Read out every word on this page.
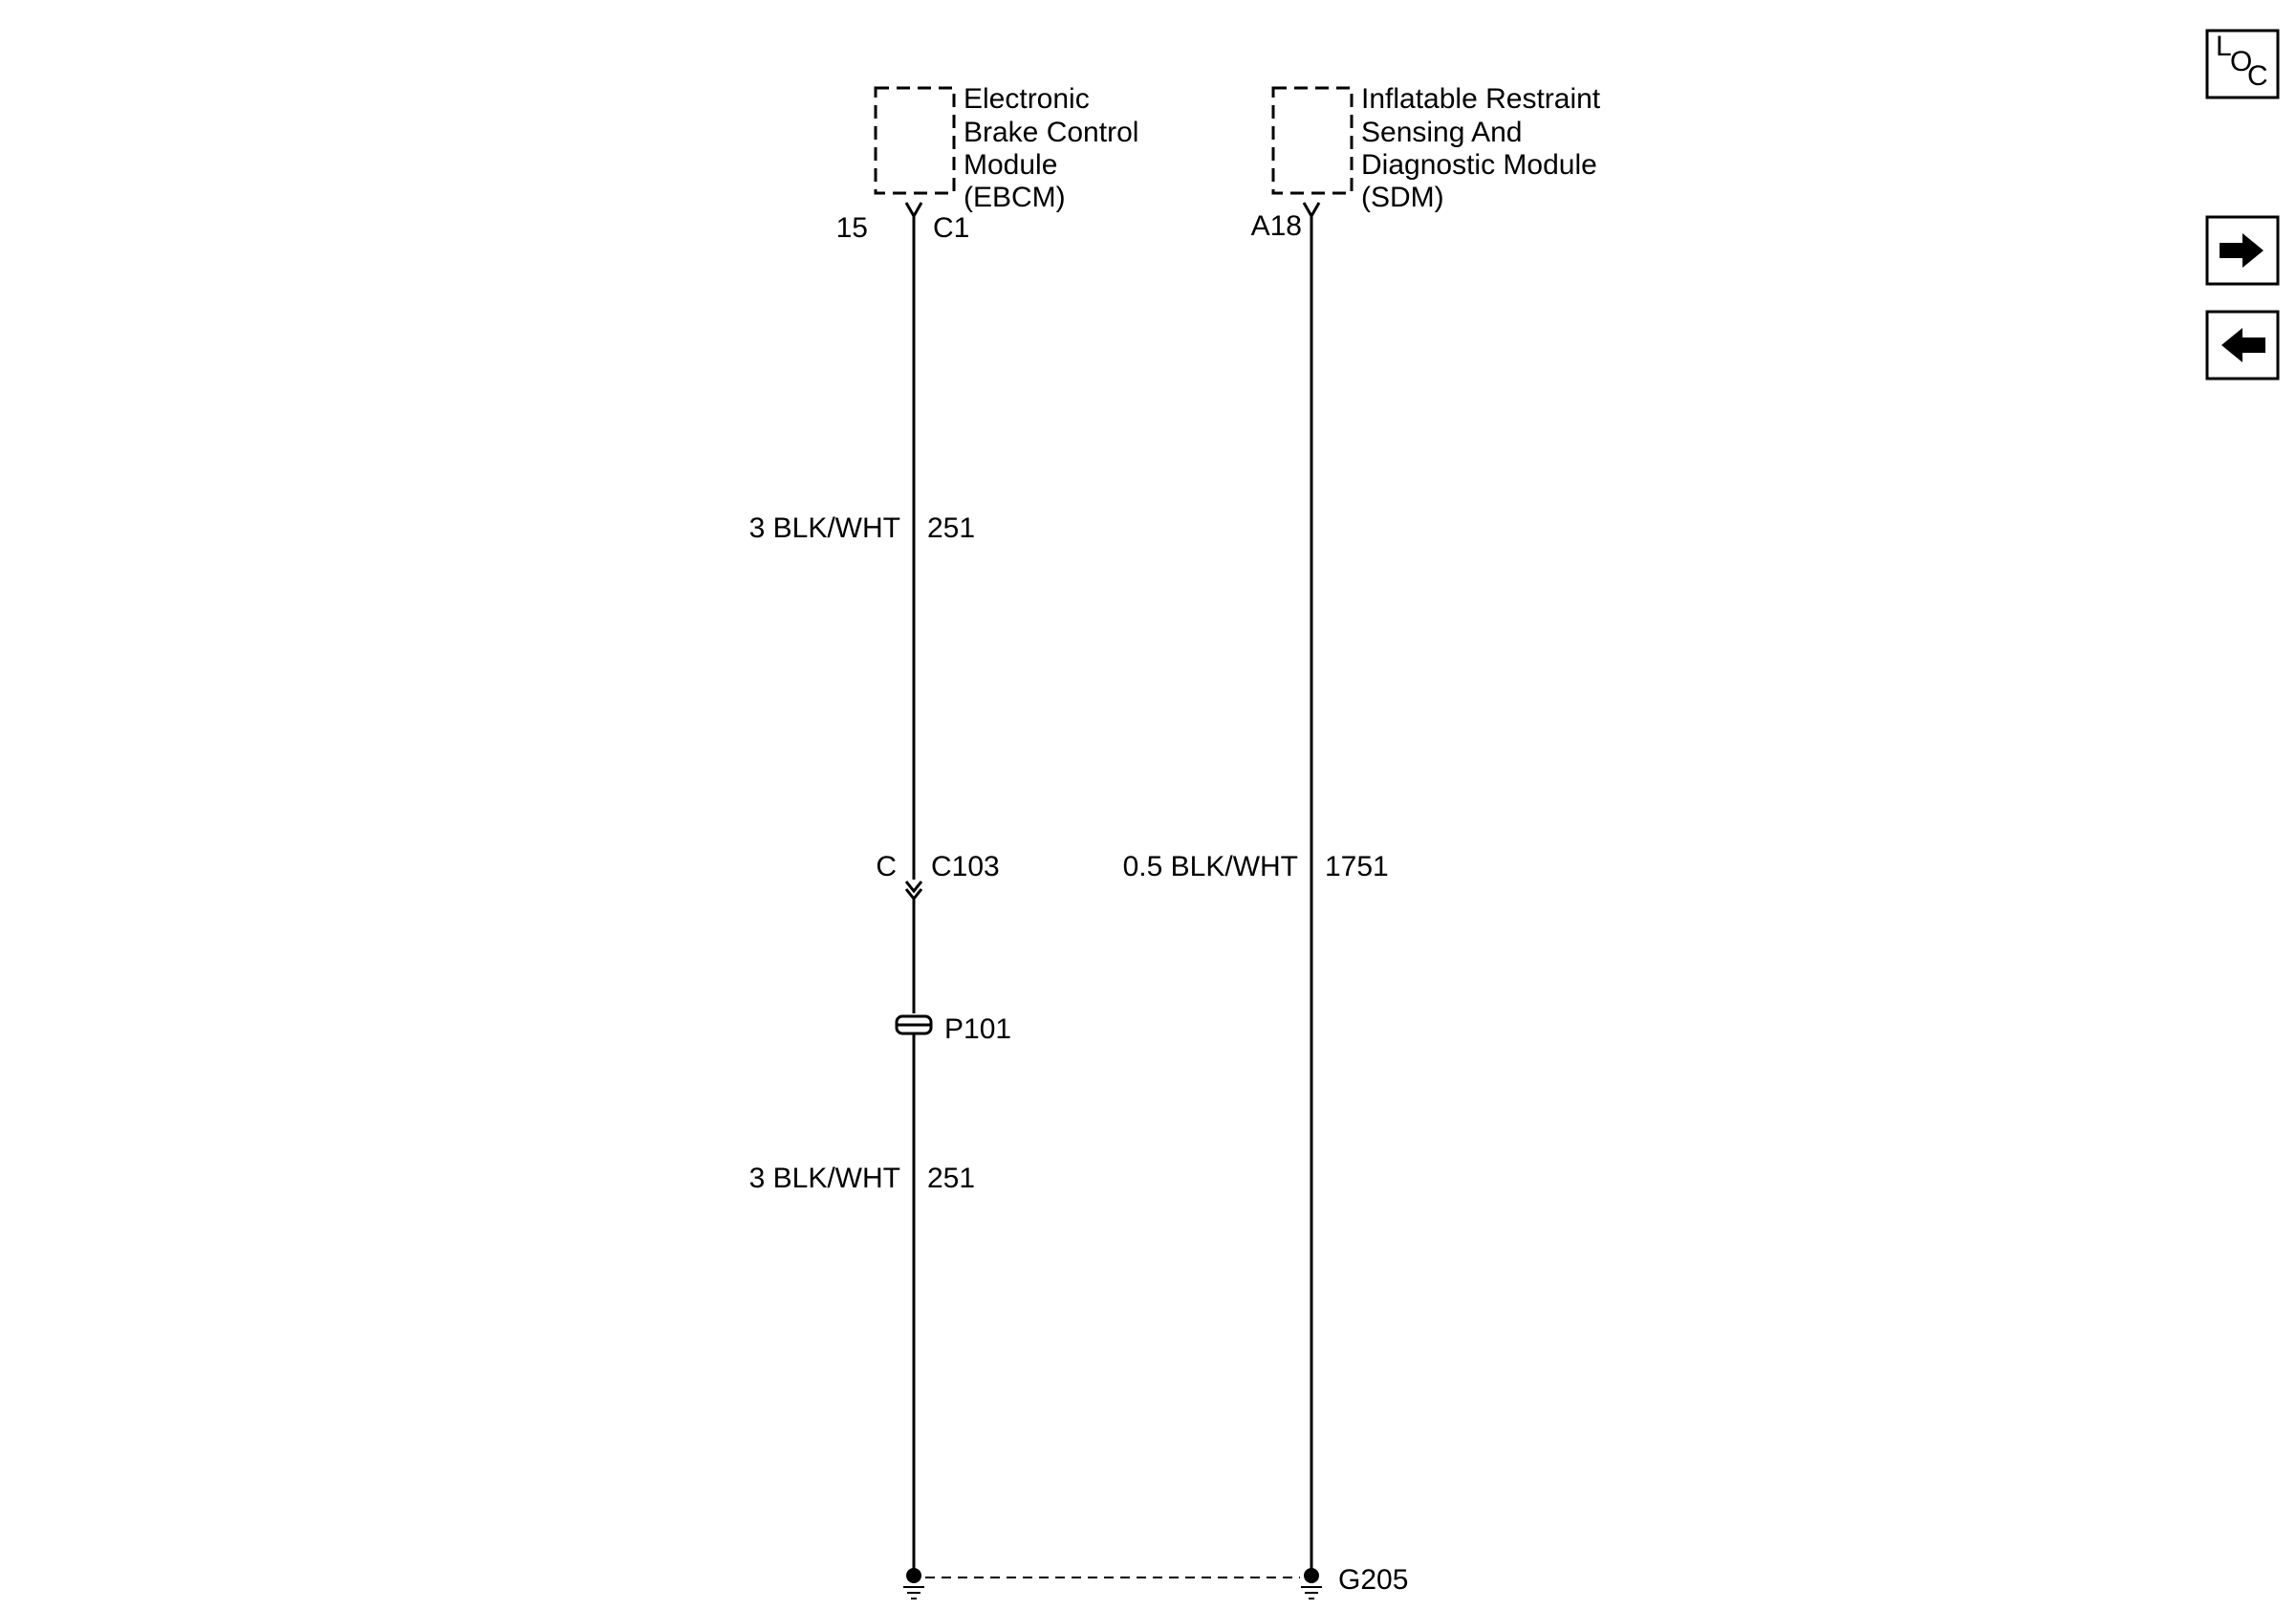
Electronic
Brake Control
Module
(EBCM)
15 C1
Inflatable Restraint
Sensing And
Diagnostic Module
(SDM)
A18
3 BLK/WHT 251
C C103
P101
3 BLK/WHT 251
0.5 BLK/WHT 1751
G205
L
O
C
